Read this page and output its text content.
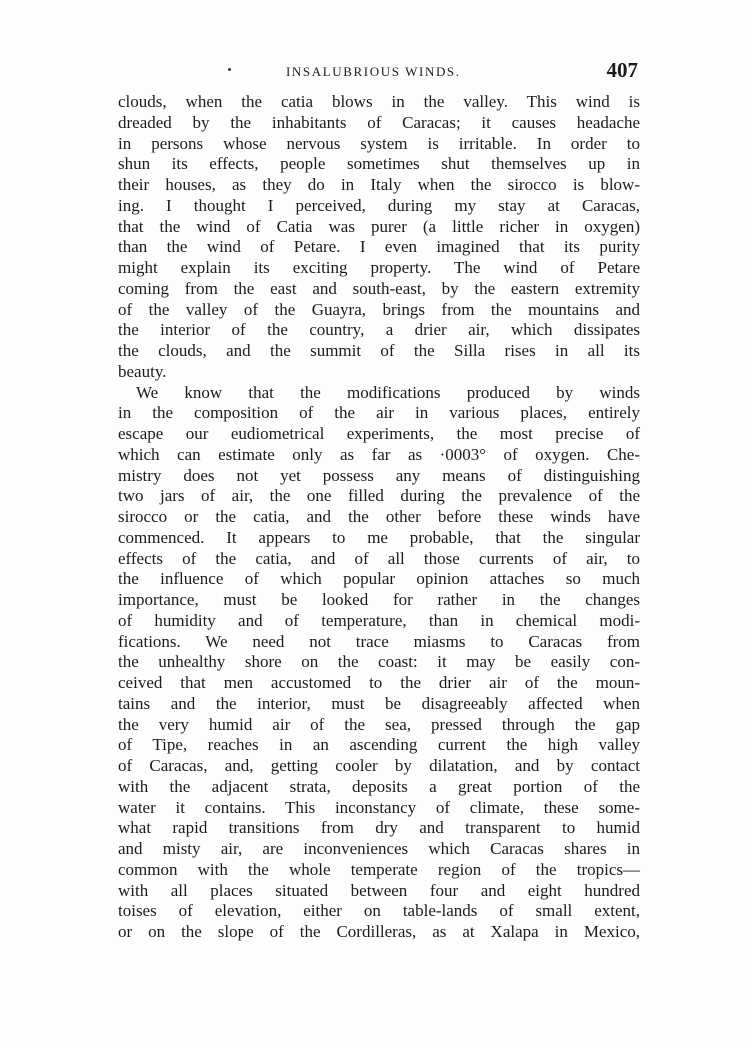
INSALUBRIOUS WINDS.	407
clouds, when the catia blows in the valley. This wind is
dreaded by the inhabitants of Caracas; it causes headache
in persons whose nervous system is irritable. In order to
shun its effects, people sometimes shut themselves up in
their houses, as they do in Italy when the sirocco is blow-
ing. I thought I perceived, during my stay at Caracas,
that the wind of Catia was purer (a little richer in oxygen)
than the wind of Petare. I even imagined that its purity
might explain its exciting property. The wind of Petare
coming from the east and south-east, by the eastern extremity
of the valley of the Guayra, brings from the mountains and
the interior of the country, a drier air, which dissipates
the clouds, and the summit of the Silla rises in all its
beauty.
We know that the modifications produced by winds
in the composition of the air in various places, entirely
escape our eudiometrical experiments, the most precise of
which can estimate only as far as ·0003° of oxygen. Che-
mistry does not yet possess any means of distinguishing
two jars of air, the one filled during the prevalence of the
sirocco or the catia, and the other before these winds have
commenced. It appears to me probable, that the singular
effects of the catia, and of all those currents of air, to
the influence of which popular opinion attaches so much
importance, must be looked for rather in the changes
of humidity and of temperature, than in chemical modi-
fications. We need not trace miasms to Caracas from
the unhealthy shore on the coast: it may be easily con-
ceived that men accustomed to the drier air of the moun-
tains and the interior, must be disagreeably affected when
the very humid air of the sea, pressed through the gap
of Tipe, reaches in an ascending current the high valley
of Caracas, and, getting cooler by dilatation, and by contact
with the adjacent strata, deposits a great portion of the
water it contains. This inconstancy of climate, these some-
what rapid transitions from dry and transparent to humid
and misty air, are inconveniences which Caracas shares in
common with the whole temperate region of the tropics—
with all places situated between four and eight hundred
toises of elevation, either on table-lands of small extent,
or on the slope of the Cordilleras, as at Xalapa in Mexico,
